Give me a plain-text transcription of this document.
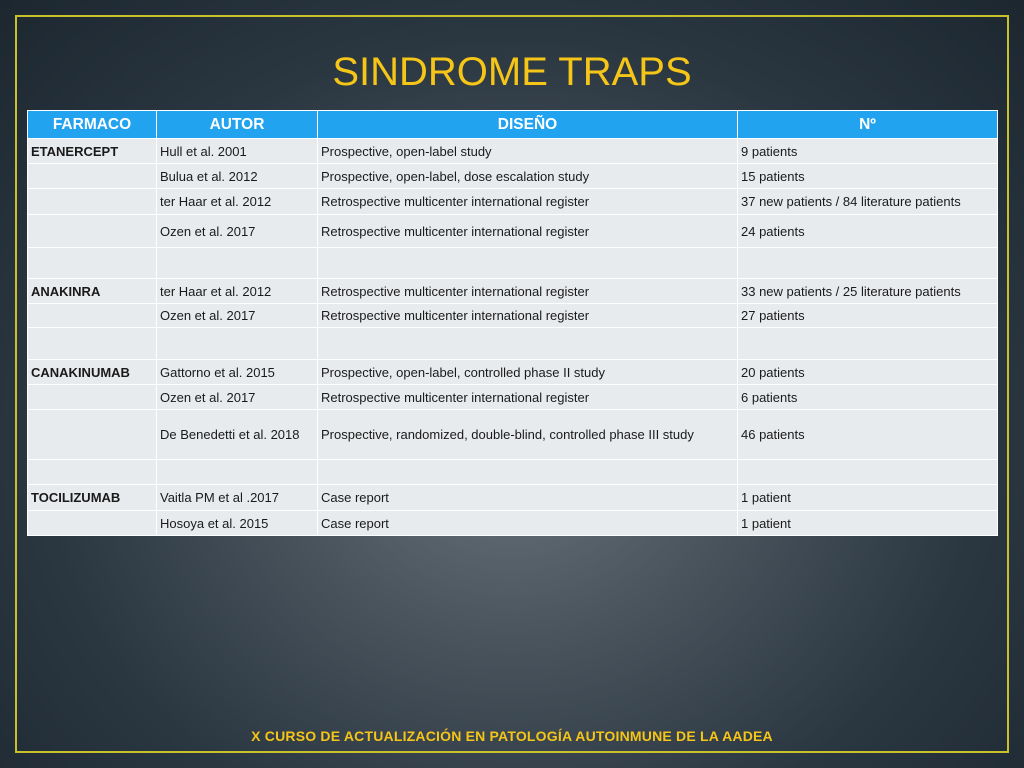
SINDROME TRAPS
FARMACO	AUTOR	DISEÑO	Nº
ETANERCEPT	Hull et al. 2001	Prospective, open-label study	9 patients
	Bulua et al. 2012	Prospective, open-label, dose escalation study	15 patients
	ter Haar et al. 2012	Retrospective multicenter international register	37 new patients / 84 literature patients
	Ozen et al. 2017	Retrospective multicenter international register	24 patients

ANAKINRA	ter Haar et al. 2012	Retrospective multicenter international register	33 new patients / 25 literature patients
	Ozen et al. 2017	Retrospective multicenter international register	27 patients

CANAKINUMAB	Gattorno et al. 2015	Prospective, open-label, controlled phase II study	20 patients
	Ozen et al. 2017	Retrospective multicenter international register	6 patients
	De Benedetti et al. 2018	Prospective, randomized, double-blind, controlled phase III study	46 patients

TOCILIZUMAB	Vaitla PM et al .2017	Case report	1 patient
	Hosoya et al. 2015	Case report	1 patient
X CURSO DE ACTUALIZACIÓN EN PATOLOGÍA AUTOINMUNE DE LA AADEA
